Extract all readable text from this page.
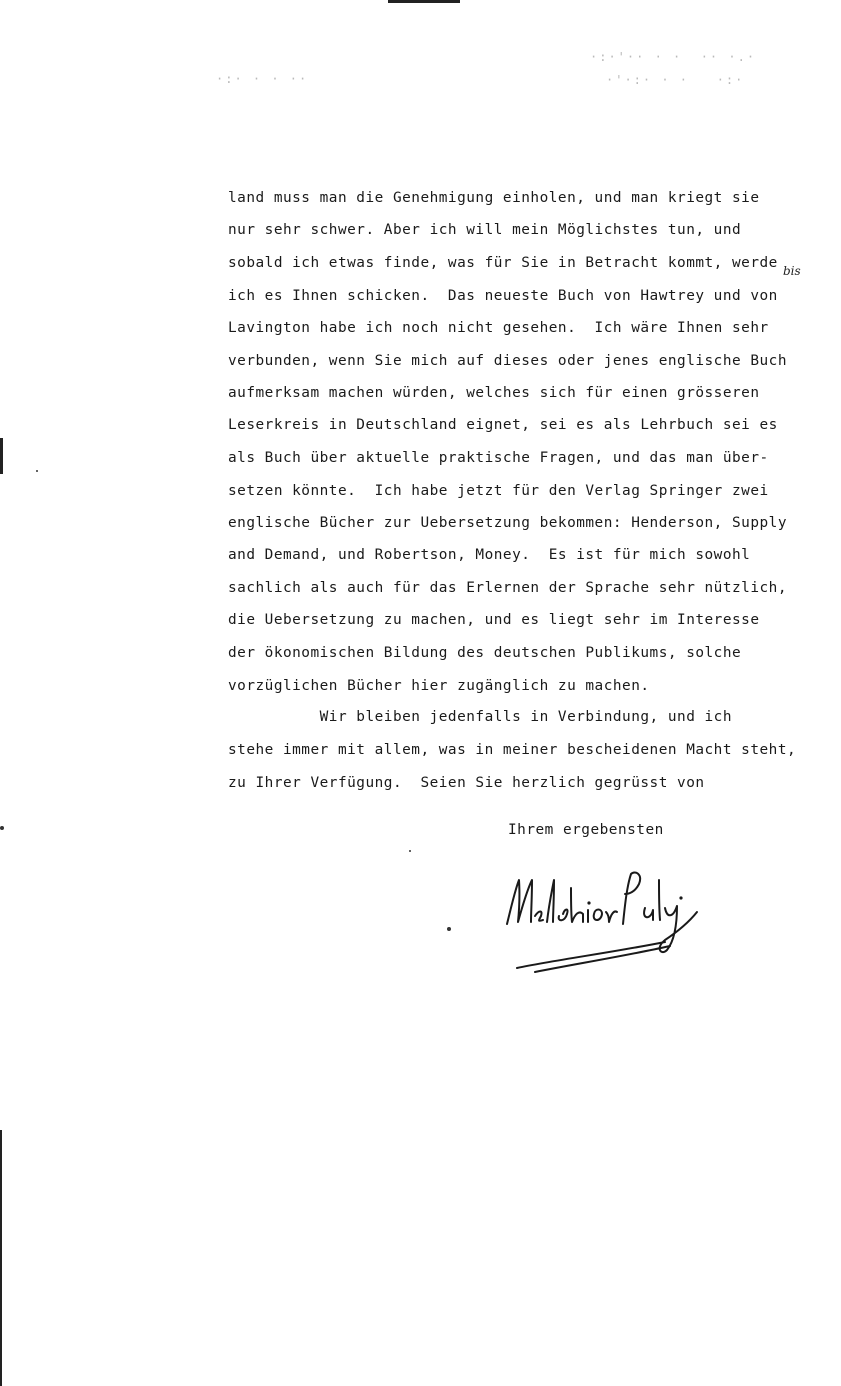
·:· · · ··
·:·'·· · ·  ·· ·.·
·'·:· · ·   ·:·
land muss man die Genehmigung einholen, und man kriegt sie
nur sehr schwer. Aber ich will mein Möglichstes tun, und
sobald ich etwas finde, was für Sie in Betracht kommt, werde
ich es Ihnen schicken.  Das neueste Buch von Hawtrey und von
Lavington habe ich noch nicht gesehen.  Ich wäre Ihnen sehr
verbunden, wenn Sie mich auf dieses oder jenes englische Buch
aufmerksam machen würden, welches sich für einen grösseren
Leserkreis in Deutschland eignet, sei es als Lehrbuch sei es
als Buch über aktuelle praktische Fragen, und das man über-
setzen könnte.  Ich habe jetzt für den Verlag Springer zwei
englische Bücher zur Uebersetzung bekommen: Henderson, Supply
and Demand, und Robertson, Money.  Es ist für mich sowohl
sachlich als auch für das Erlernen der Sprache sehr nützlich,
die Uebersetzung zu machen, und es liegt sehr im Interesse
der ökonomischen Bildung des deutschen Publikums, solche
vorzüglichen Bücher hier zugänglich zu machen.
Wir bleiben jedenfalls in Verbindung, und ich
stehe immer mit allem, was in meiner bescheidenen Macht steht,
zu Ihrer Verfügung.  Seien Sie herzlich gegrüsst von
bis
Ihrem ergebensten
